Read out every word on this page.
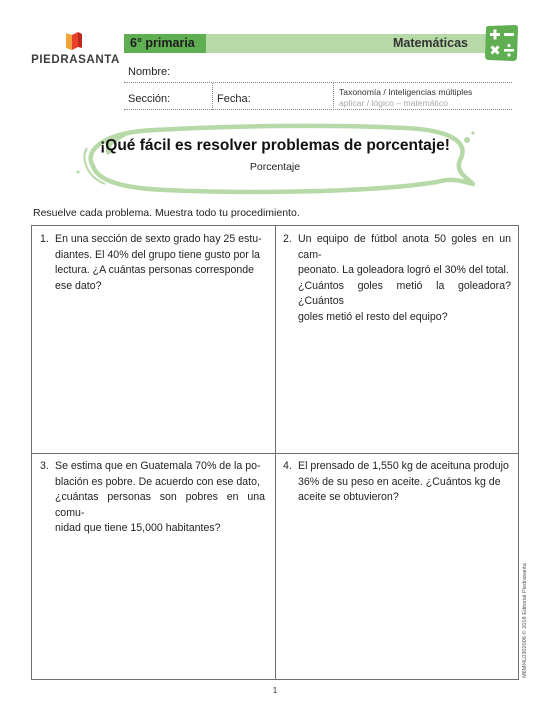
PIEDRASANTA
6° primaria	Matemáticas
Nombre:
Sección:	Fecha:
Taxonomía / Inteligencias múltiples
aplicar / lógico – matemático
¡Qué fácil es resolver problemas de porcentaje!
Porcentaje
Resuelve cada problema. Muestra todo tu procedimiento.
1. En una sección de sexto grado hay 25 estu-
diantes. El 40% del grupo tiene gusto por la
lectura. ¿A cuántas personas corresponde
ese dato?
2. Un equipo de fútbol anota 50 goles en un cam-
peonato. La goleadora logró el 30% del total.
¿Cuántos goles metió la goleadora? ¿Cuántos
goles metió el resto del equipo?
3. Se estima que en Guatemala 70% de la po-
blación es pobre. De acuerdo con ese dato,
¿cuántas personas son pobres en una comu-
nidad que tiene 15,000 habitantes?
4. El prensado de 1,550 kg de aceituna produjo
36% de su peso en aceite. ¿Cuántos kg de
aceite se obtuvieron?
M6MI4L0302006 © 2018 Editorial Piedrasanta
1
